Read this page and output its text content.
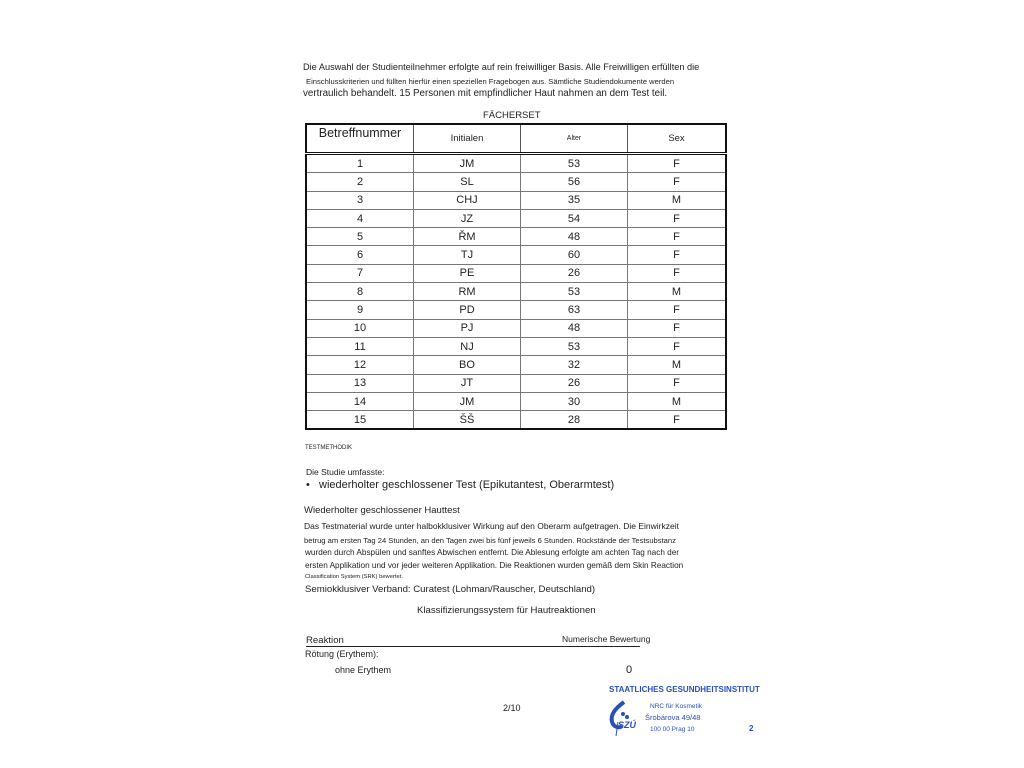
Die Auswahl der Studienteilnehmer erfolgte auf rein freiwilliger Basis. Alle Freiwilligen erfüllten die
Einschlusskriterien und füllten hierfür einen speziellen Fragebogen aus. Sämtliche Studiendokumente werden
vertraulich behandelt. 15 Personen mit empfindlicher Haut nahmen an dem Test teil.
FÄCHERSET
Betreffnummer	Initialen	Alter	Sex
1	JM	53	F
2	SL	56	F
3	CHJ	35	M
4	JZ	54	F
5	ŘM	48	F
6	TJ	60	F
7	PE	26	F
8	RM	53	M
9	PD	63	F
10	PJ	48	F
11	NJ	53	F
12	BO	32	M
13	JT	26	F
14	JM	30	M
15	ŠŠ	28	F
TESTMETHODIK
Die Studie umfasste:
• wiederholter geschlossener Test (Epikutantest, Oberarmtest)
Wiederholter geschlossener Hauttest
Das Testmaterial wurde unter halbokklusiver Wirkung auf den Oberarm aufgetragen. Die Einwirkzeit
betrug am ersten Tag 24 Stunden, an den Tagen zwei bis fünf jeweils 6 Stunden. Rückstände der Testsubstanz
wurden durch Abspülen und sanftes Abwischen entfernt. Die Ablesung erfolgte am achten Tag nach der
ersten Applikation und vor jeder weiteren Applikation. Die Reaktionen wurden gemäß dem Skin Reaction
Classification System (SRK) bewertet.
Semiokklusiver Verband: Curatest (Lohman/Rauscher, Deutschland)
Klassifizierungssystem für Hautreaktionen
Reaktion	Numerische Bewertung
Rötung (Erythem):
ohne Erythem	0
2/10
STAATLICHES GESUNDHEITSINSTITUT
SZÚ
NRC für Kosmetik
Šrobárova 49/48
100 00 Prag 10	2
